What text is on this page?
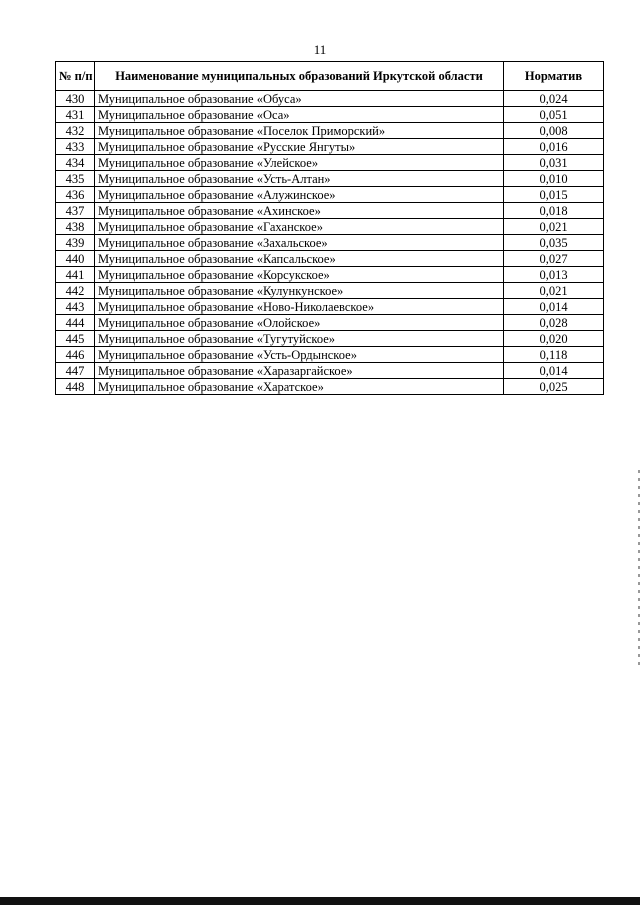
11
№ п/п	Наименование муниципальных образований Иркутской области	Норматив
430	Муниципальное образование «Обуса»	0,024
431	Муниципальное образование «Оса»	0,051
432	Муниципальное образование «Поселок Приморский»	0,008
433	Муниципальное образование «Русские Янгуты»	0,016
434	Муниципальное образование «Улейское»	0,031
435	Муниципальное образование «Усть-Алтан»	0,010
436	Муниципальное образование «Алужинское»	0,015
437	Муниципальное образование «Ахинское»	0,018
438	Муниципальное образование «Гаханское»	0,021
439	Муниципальное образование «Захальское»	0,035
440	Муниципальное образование «Капсальское»	0,027
441	Муниципальное образование «Корсукское»	0,013
442	Муниципальное образование «Кулункунское»	0,021
443	Муниципальное образование «Ново-Николаевское»	0,014
444	Муниципальное образование «Олойское»	0,028
445	Муниципальное образование «Тугутуйское»	0,020
446	Муниципальное образование «Усть-Ордынское»	0,118
447	Муниципальное образование «Харазаргайское»	0,014
448	Муниципальное образование «Харатское»	0,025
